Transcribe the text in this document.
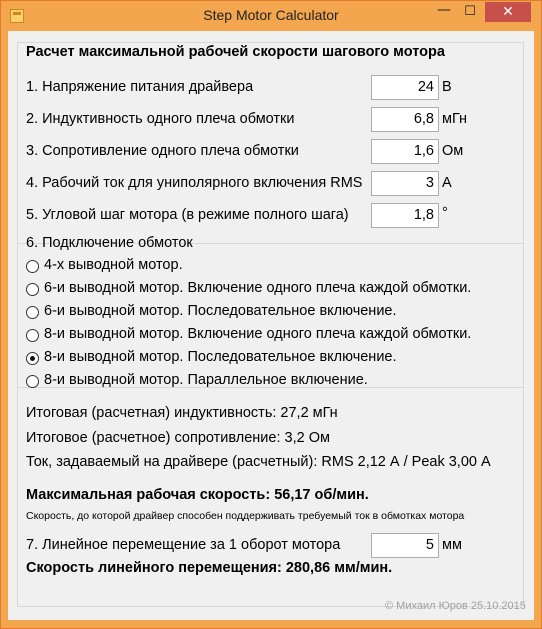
Step Motor Calculator	—	☐	✕
Расчет максимальной рабочей скорости шагового мотора
1. Напряжение питания драйвера	24 В
2. Индуктивность одного плеча обмотки	6,8 мГн
3. Сопротивление одного плеча обмотки	1,6 Ом
4. Рабочий ток для униполярного включения RMS	3 А
5. Угловой шаг мотора (в режиме полного шага)	1,8 °
6. Подключение обмоток
4-х выводной мотор.
6-и выводной мотор. Включение одного плеча каждой обмотки.
6-и выводной мотор. Последовательное включение.
8-и выводной мотор. Включение одного плеча каждой обмотки.
8-и выводной мотор. Последовательное включение.
8-и выводной мотор. Параллельное включение.
Итоговая (расчетная) индуктивность: 27,2 мГн
Итоговое (расчетное) сопротивление: 3,2 Ом
Ток, задаваемый на драйвере (расчетный): RMS 2,12 А / Peak 3,00 А
Максимальная рабочая скорость: 56,17 об/мин.
Скорость, до которой драйвер способен поддерживать требуемый ток в обмотках мотора
7. Линейное перемещение за 1 оборот мотора	5 мм
Скорость линейного перемещения: 280,86 мм/мин.
© Михаил Юров 25.10.2015
